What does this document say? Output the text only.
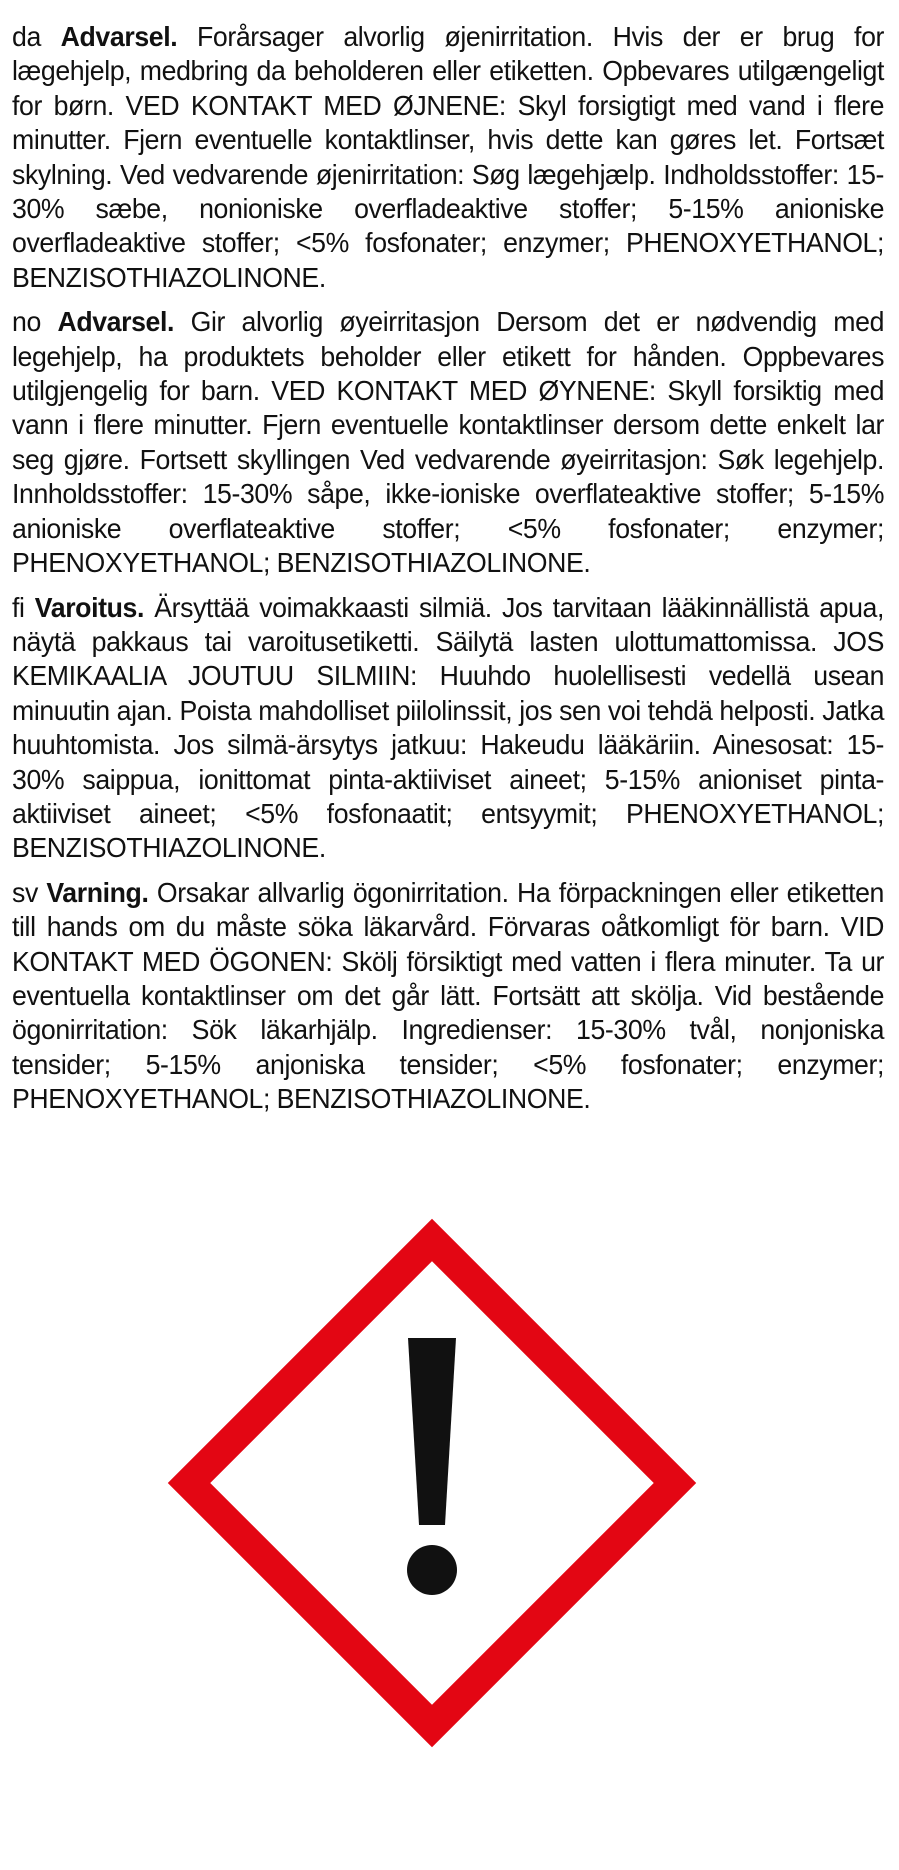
da Advarsel. Forårsager alvorlig øjenirritation. Hvis der er brug for lægehjelp, medbring da beholderen eller etiketten. Opbevares utilgængeligt for børn. VED KONTAKT MED ØJNENE: Skyl forsigtigt med vand i flere minutter. Fjern eventuelle kontaktlinser, hvis dette kan gøres let. Fortsæt skylning. Ved vedvarende øjenirritation: Søg lægehjælp. Indholdsstoffer: 15-30% sæbe, nonioniske overfladeaktive stoffer; 5-15% anioniske overfladeaktive stoffer; <5% fosfonater; enzymer; PHENOXYETHANOL; BENZISOTHIAZOLINONE.

no Advarsel. Gir alvorlig øyeirritasjon Dersom det er nødvendig med legehjelp, ha produktets beholder eller etikett for hånden. Oppbevares utilgjengelig for barn. VED KONTAKT MED ØYNENE: Skyll forsiktig med vann i flere minutter. Fjern eventuelle kontaktlinser dersom dette enkelt lar seg gjøre. Fortsett skyllingen Ved vedvarende øyeirritasjon: Søk legehjelp. Innholdsstoffer: 15-30% såpe, ikke-ioniske overflateaktive stoffer; 5-15% anioniske overflateaktive stoffer; <5% fosfonater; enzymer; PHENOXYETHANOL; BENZISOTHIAZOLINONE.

fi Varoitus. Ärsyttää voimakkaasti silmiä. Jos tarvitaan lääkinnällistä apua, näytä pakkaus tai varoitusetiketti. Säilytä lasten ulottumattomissa. JOS KEMIKAALIA JOUTUU SILMIIN: Huuhdo huolellisesti vedellä usean minuutin ajan. Poista mahdolliset piilolinssit, jos sen voi tehdä helposti. Jatka huuhtomista. Jos silmä-ärsytys jatkuu: Hakeudu lääkäriin. Ainesosat: 15-30% saippua, ionittomat pinta-aktiiviset aineet; 5-15% anioniset pinta-aktiiviset aineet; <5% fosfonaatit; entsyymit; PHENOXYETHANOL; BENZISOTHIAZOLINONE.

sv Varning. Orsakar allvarlig ögonirritation. Ha förpackningen eller etiketten till hands om du måste söka läkarvård. Förvaras oåtkomligt för barn. VID KONTAKT MED ÖGONEN: Skölj försiktigt med vatten i flera minuter. Ta ur eventuella kontaktlinser om det går lätt. Fortsätt att skölja. Vid bestående ögonirritation: Sök läkarhjälp. Ingredienser: 15-30% tvål, nonjoniska tensider; 5-15% anjoniska tensider; <5% fosfonater; enzymer; PHENOXYETHANOL; BENZISOTHIAZOLINONE.
